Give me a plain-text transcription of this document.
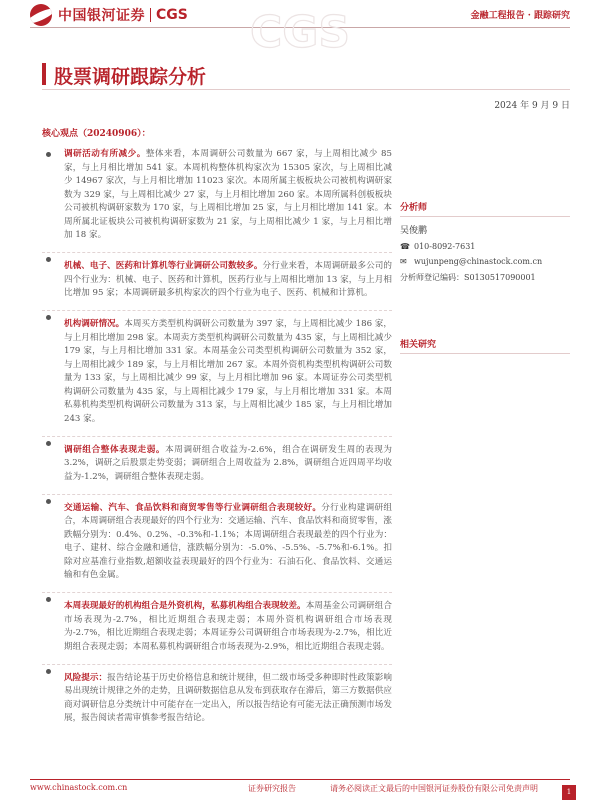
中国银河证券 CGS	金融工程报告 · 跟踪研究
CGS
股票调研跟踪分析
2024 年 9 月 9 日
核心观点（20240906）：
调研活动有所减少。整体来看，本周调研公司数量为 667 家，与上周相比减少 85 家，与上月相比增加 541 家。本周机构整体机构家次为 15305 家次，与上周相比减少 14967 家次，与上月相比增加 11023 家次。本周所属主板板块公司被机构调研家数为 329 家，与上周相比减少 27 家，与上月相比增加 260 家。本周所属科创板板块公司被机构调研家数为 170 家，与上周相比增加 25 家，与上月相比增加 141 家。本周所属北证板块公司被机构调研家数为 21 家，与上周相比减少 1 家，与上月相比增加 18 家。
机械、电子、医药和计算机等行业调研公司数较多。分行业来看，本周调研最多公司的四个行业为：机械、电子、医药和计算机，医药行业与上周相比增加 13 家，与上月相比增加 95 家；本周调研最多机构家次的四个行业为电子、医药、机械和计算机。
机构调研情况。本周买方类型机构调研公司数量为 397 家，与上周相比减少 186 家，与上月相比增加 298 家。本周卖方类型机构调研公司数量为 435 家，与上周相比减少 179 家，与上月相比增加 331 家。本周基金公司类型机构调研公司数量为 352 家，与上周相比减少 189 家，与上月相比增加 267 家。本周外资机构类型机构调研公司数量为 133 家，与上周相比减少 99 家，与上月相比增加 96 家。本周证券公司类型机构调研公司数量为 435 家，与上周相比减少 179 家，与上月相比增加 331 家。本周私募机构类型机构调研公司数量为 313 家，与上周相比减少 185 家，与上月相比增加 243 家。
调研组合整体表现走弱。本周调研组合收益为-2.6%，组合在调研发生周的表现为 3.2%，调研之后股票走势变弱；调研组合上周收益为 2.8%，调研组合近四周平均收益为-1.2%，调研组合整体表现走弱。
交通运输、汽车、食品饮料和商贸零售等行业调研组合表现较好。分行业构建调研组合，本周调研组合表现最好的四个行业为：交通运输、汽车、食品饮料和商贸零售，涨跌幅分别为：0.4%、0.2%、-0.3%和-1.1%；本周调研组合表现最差的四个行业为：电子、建材、综合金融和通信，涨跌幅分别为：-5.0%、-5.5%、-5.7%和-6.1%。扣除对应基准行业指数,超额收益表现最好的四个行业为：石油石化、食品饮料、交通运输和有色金属。
本周表现最好的机构组合是外资机构，私募机构组合表现较差。本周基金公司调研组合市场表现为-2.7%，相比近期组合表现走弱；本周外资机构调研组合市场表现为-2.7%，相比近期组合表现走弱；本周证券公司调研组合市场表现为-2.7%，相比近期组合表现走弱；本周私募机构调研组合市场表现为-2.9%，相比近期组合表现走弱。
风险提示：报告结论基于历史价格信息和统计规律，但二级市场受多种即时性政策影响易出现统计规律之外的走势，且调研数据信息从发布到获取存在滞后，第三方数据供应商对调研信息分类统计中可能存在一定出入，所以报告结论有可能无法正确预测市场发展，报告阅读者需审慎参考报告结论。
分析师
吴俊鹏
☎ 010-8092-7631
✉ wujunpeng@chinastock.com.cn
分析师登记编码：S0130517090001
相关研究
www.chinastock.com.cn	证券研究报告	请务必阅读正文最后的中国银河证券股份有限公司免责声明	1
